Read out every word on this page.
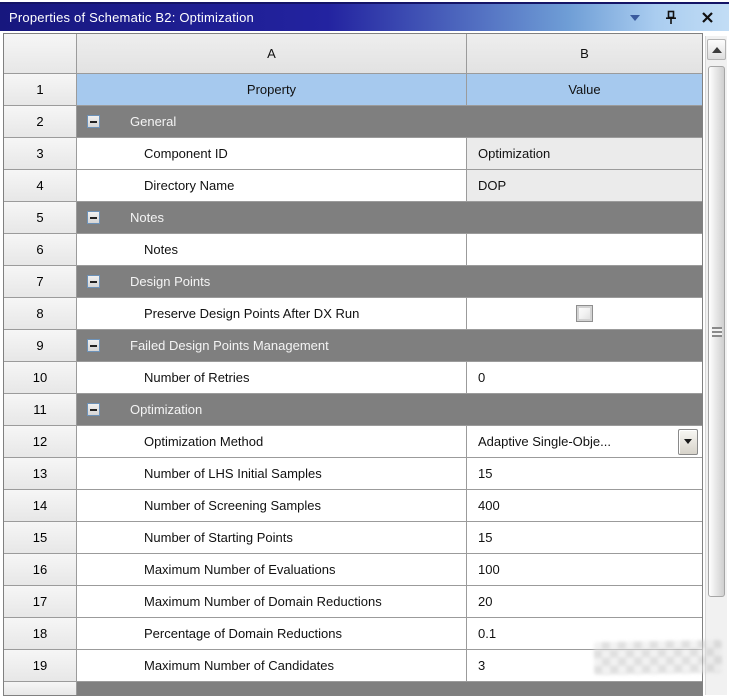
Properties of Schematic B2: Optimization
A	B
1	Property	Value
2	General
3	Component ID	Optimization
4	Directory Name	DOP
5	Notes
6	Notes
7	Design Points
8	Preserve Design Points After DX Run
9	Failed Design Points Management
10	Number of Retries	0
11	Optimization
12	Optimization Method	Adaptive Single-Obje...
13	Number of LHS Initial Samples	15
14	Number of Screening Samples	400
15	Number of Starting Points	15
16	Maximum Number of Evaluations	100
17	Maximum Number of Domain Reductions	20
18	Percentage of Domain Reductions	0.1
19	Maximum Number of Candidates	3
